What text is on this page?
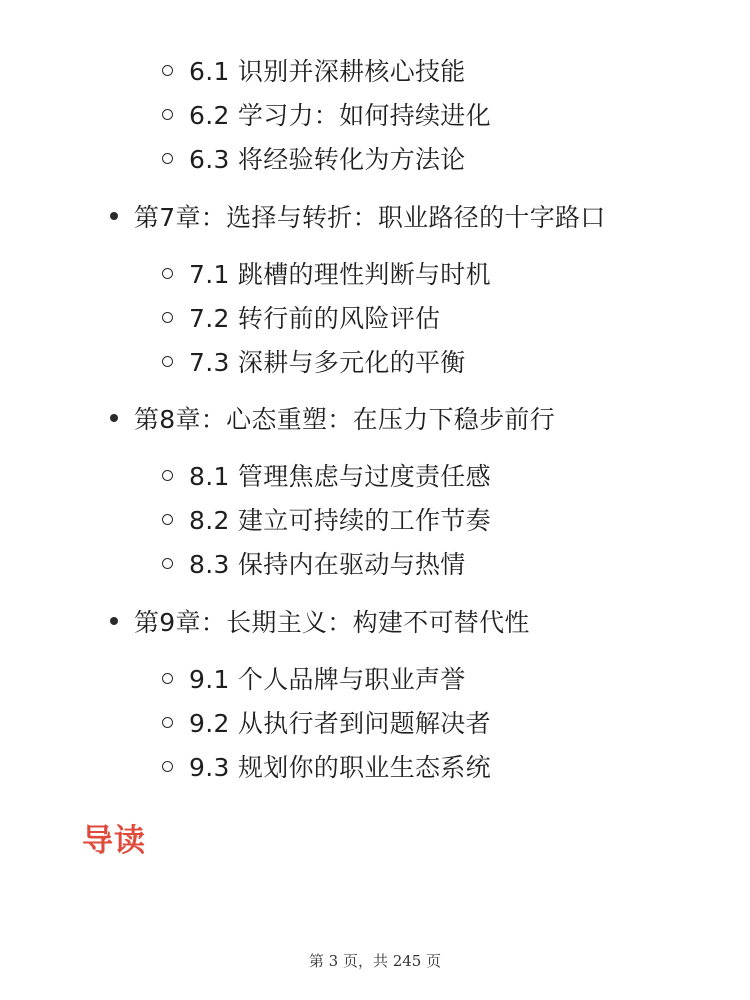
6.1 识别并深耕核心技能
6.2 学习力：如何持续进化
6.3 将经验转化为方法论
第7章：选择与转折：职业路径的十字路口
7.1 跳槽的理性判断与时机
7.2 转行前的风险评估
7.3 深耕与多元化的平衡
第8章：心态重塑：在压力下稳步前行
8.1 管理焦虑与过度责任感
8.2 建立可持续的工作节奏
8.3 保持内在驱动与热情
第9章：长期主义：构建不可替代性
9.1 个人品牌与职业声誉
9.2 从执行者到问题解决者
9.3 规划你的职业生态系统
导读
第 3 页，共 245 页
